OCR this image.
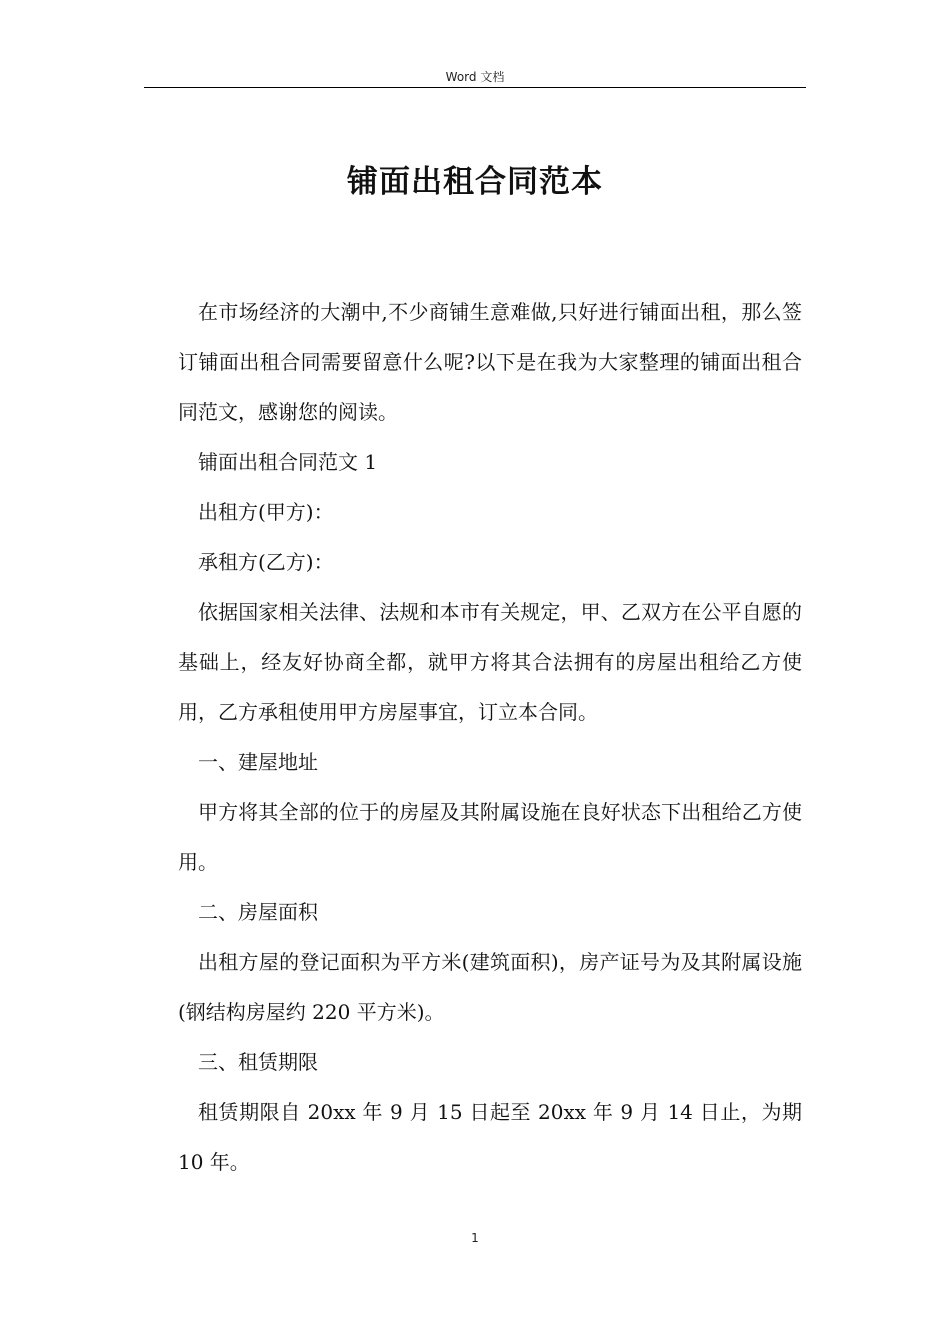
Word 文档
铺面出租合同范本

在市场经济的大潮中,不少商铺生意难做,只好进行铺面出租，那么签订铺面出租合同需要留意什么呢?以下是在我为大家整理的铺面出租合同范文，感谢您的阅读。

铺面出租合同范文 1

出租方(甲方)：

承租方(乙方)：

依据国家相关法律、法规和本市有关规定，甲、乙双方在公平自愿的基础上，经友好协商全都，就甲方将其合法拥有的房屋出租给乙方使用，乙方承租使用甲方房屋事宜，订立本合同。

一、建屋地址

甲方将其全部的位于的房屋及其附属设施在良好状态下出租给乙方使用。

二、房屋面积

出租方屋的登记面积为平方米(建筑面积)，房产证号为及其附属设施(钢结构房屋约 220 平方米)。

三、租赁期限

租赁期限自 20xx 年 9 月 15 日起至 20xx 年 9 月 14 日止，为期 10 年。

1
